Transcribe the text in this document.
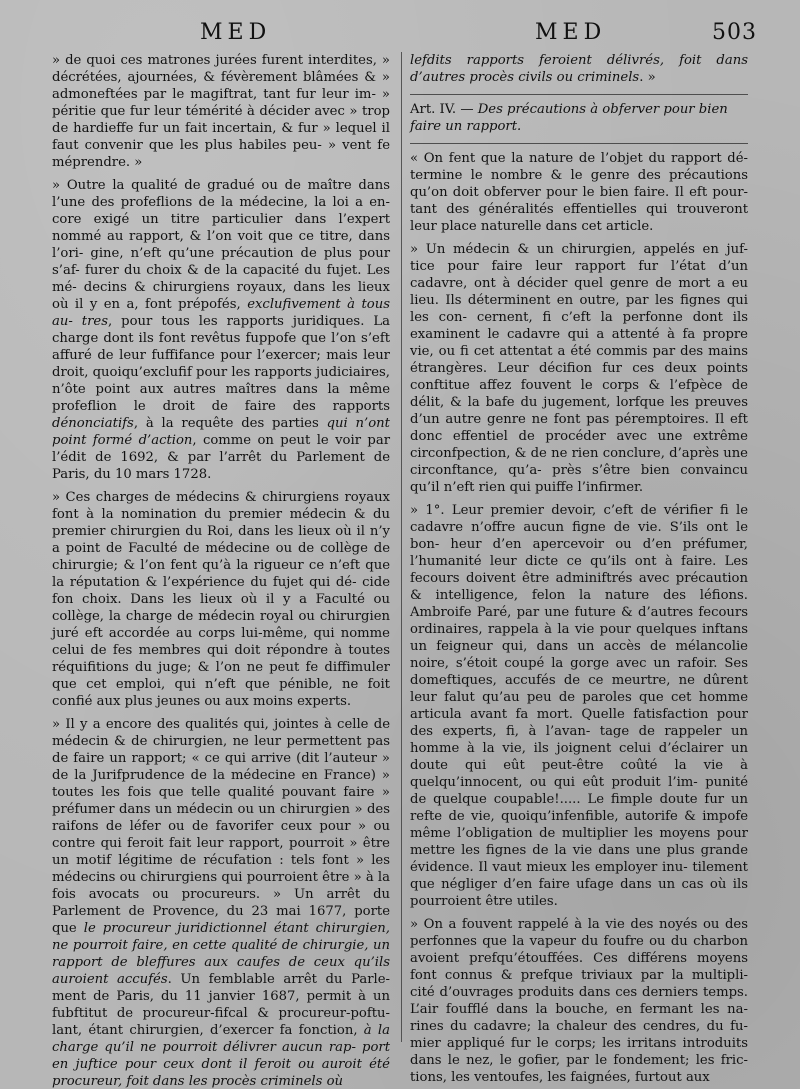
MED	MED	503

» de quoi ces matrones jurées furent interdites, » décrétées, ajournées, & févèrement blâmées & » admoneftées par le magiftrat, tant fur leur im- » péritie que fur leur témérité à décider avec » trop de hardieffe fur un fait incertain, & fur » lequel il faut convenir que les plus habiles peu- » vent fe méprendre. »

» Outre la qualité de gradué ou de maître dans l’une des profeflions de la médecine, la loi a en- core exigé un titre particulier dans l’expert nommé au rapport, & l’on voit que ce titre, dans l’ori- gine, n’eft qu’une précaution de plus pour s’af- furer du choix & de la capacité du fujet. Les mé- decins & chirurgiens royaux, dans les lieux où il y en a, font prépofés, exclufivement à tous au- tres, pour tous les rapports juridiques. La charge dont ils font revêtus fuppofe que l’on s’eft affuré de leur fuffifance pour l’exercer; mais leur droit, quoiqu’exclufif pour les rapports judiciaires, n’ôte point aux autres maîtres dans la même profeflion le droit de faire des rapports dénonciatifs, à la requête des parties qui n’ont point formé d’action, comme on peut le voir par l’édit de 1692, & par l’arrêt du Parlement de Paris, du 10 mars 1728.

» Ces charges de médecins & chirurgiens royaux font à la nomination du premier médecin & du premier chirurgien du Roi, dans les lieux où il n’y a point de Faculté de médecine ou de collège de chirurgie; & l’on fent qu’à la rigueur ce n’eft que la réputation & l’expérience du fujet qui dé- cide fon choix. Dans les lieux où il y a Faculté ou collège, la charge de médecin royal ou chirurgien juré eft accordée au corps lui-même, qui nomme celui de fes membres qui doit répondre à toutes réquifitions du juge; & l’on ne peut fe diffimuler que cet emploi, qui n’eft que pénible, ne foit confié aux plus jeunes ou aux moins experts.

» Il y a encore des qualités qui, jointes à celle de médecin & de chirurgien, ne leur permettent pas de faire un rapport; « ce qui arrive (dit l’auteur » de la Jurifprudence de la médecine en France) » toutes les fois que telle qualité pouvant faire » préfumer dans un médecin ou un chirurgien » des raifons de léfer ou de favorifer ceux pour » ou contre qui feroit fait leur rapport, pourroit » être un motif légitime de récufation : tels font » les médecins ou chirurgiens qui pourroient être » à la fois avocats ou procureurs. » Un arrêt du Parlement de Provence, du 23 mai 1677, porte que le procureur juridictionnel étant chirurgien, ne pourroit faire, en cette qualité de chirurgie, un rapport de bleffures aux caufes de ceux qu’ils auroient accufés. Un femblable arrêt du Parle- ment de Paris, du 11 janvier 1687, permit à un fubftitut de procureur-fifcal & procureur-poftu- lant, étant chirurgien, d’exercer fa fonction, à la charge qu’il ne pourroit délivrer aucun rap- port en juftice pour ceux dont il feroit ou auroit été procureur, foit dans les procès criminels où

lefdits rapports feroient délivrés, foit dans d’autres procès civils ou criminels. »

Art. IV. — Des précautions à obferver pour bien faire un rapport.

« On fent que la nature de l’objet du rapport dé- termine le nombre & le genre des précautions qu’on doit obferver pour le bien faire. Il eft pour- tant des généralités effentielles qui trouveront leur place naturelle dans cet article.

» Un médecin & un chirurgien, appelés en juf- tice pour faire leur rapport fur l’état d’un cadavre, ont à décider quel genre de mort a eu lieu. Ils déterminent en outre, par les fignes qui les con- cernent, fi c’eft la perfonne dont ils examinent le cadavre qui a attenté à fa propre vie, ou fi cet attentat a été commis par des mains étrangères. Leur décifion fur ces deux points conftitue affez fouvent le corps & l’efpèce de délit, & la bafe du jugement, lorfque les preuves d’un autre genre ne font pas péremptoires. Il eft donc effentiel de procéder avec une extrême circonfpection, & de ne rien conclure, d’après une circonftance, qu’a- près s’être bien convaincu qu’il n’eft rien qui puiffe l’infirmer.

» 1°. Leur premier devoir, c’eft de vérifier fi le cadavre n’offre aucun figne de vie. S’ils ont le bon- heur d’en apercevoir ou d’en préfumer, l’humanité leur dicte ce qu’ils ont à faire. Les fecours doivent être adminiftrés avec précaution & intelligence, felon la nature des léfions. Ambroife Paré, par une future & d’autres fecours ordinaires, rappela à la vie pour quelques inftans un feigneur qui, dans un accès de mélancolie noire, s’étoit coupé la gorge avec un rafoir. Ses domeftiques, accufés de ce meurtre, ne dûrent leur falut qu’au peu de paroles que cet homme articula avant fa mort. Quelle fatisfaction pour des experts, fi, à l’avan- tage de rappeler un homme à la vie, ils joignent celui d’éclairer un doute qui eût peut-être coûté la vie à quelqu’innocent, ou qui eût produit l’im- punité de quelque coupable!..... Le fimple doute fur un refte de vie, quoiqu’infenfible, autorife & impofe même l’obligation de multiplier les moyens pour mettre les fignes de la vie dans une plus grande évidence. Il vaut mieux les employer inu- tilement que négliger d’en faire ufage dans un cas où ils pourroient être utiles.

» On a fouvent rappelé à la vie des noyés ou des perfonnes que la vapeur du foufre ou du charbon avoient prefqu’étouffées. Ces différens moyens font connus & prefque triviaux par la multipli- cité d’ouvrages produits dans ces derniers temps. L’air foufflé dans la bouche, en fermant les na- rines du cadavre; la chaleur des cendres, du fu- mier appliqué fur le corps; les irritans introduits dans le nez, le gofier, par le fondement; les fric- tions, les ventoufes, les faignées, furtout aux
